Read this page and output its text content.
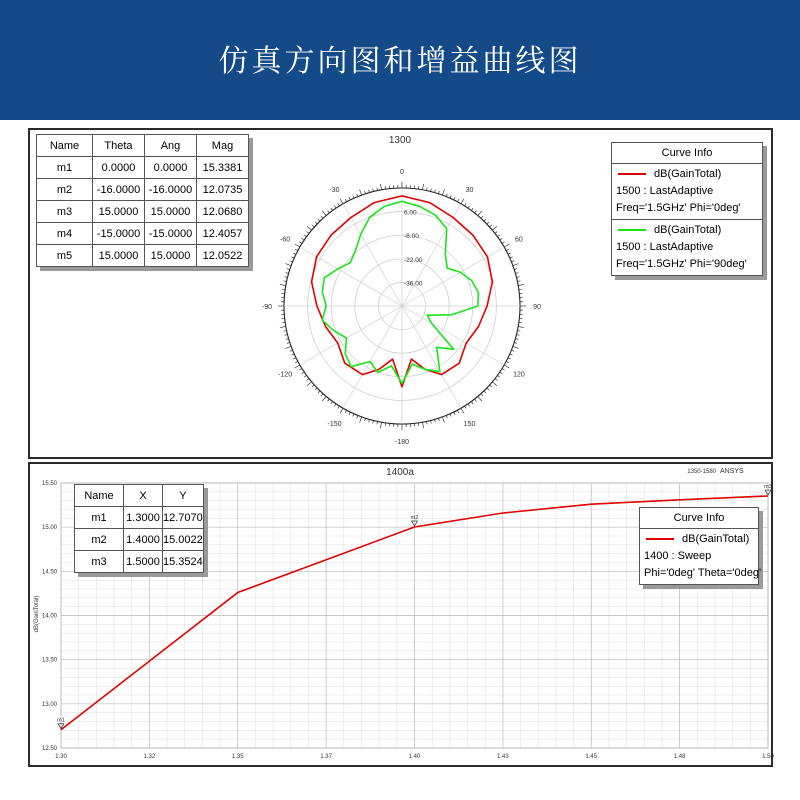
仿真方向图和增益曲线图
1300
0
-30	30
-60	60
-90	90
-120	120
-150	150
-180
6.00
-8.00
-22.00
-36.00
Name	Theta	Ang	Mag
m1	0.0000	0.0000	15.3381
m2	-16.0000	-16.0000	12.0735
m3	15.0000	15.0000	12.0680
m4	-15.0000	-15.0000	12.4057
m5	15.0000	15.0000	12.0522
Curve Info
dB(GainTotal)
1500 : LastAdaptive
Freq='1.5GHz' Phi='0deg'
dB(GainTotal)
1500 : LastAdaptive
Freq='1.5GHz' Phi='90deg'
1400a	1350-1580 ANSYS
dB(GainTotal)
15.50
15.00
14.50
14.00
13.50
13.00
12.50
1.30	1.32	1.35	1.37	1.40	1.43	1.45	1.48	1.50
m1
m2
m3
Name	X	Y
m1	1.3000	12.7070
m2	1.4000	15.0022
m3	1.5000	15.3524
Curve Info
dB(GainTotal)
1400 : Sweep
Phi='0deg' Theta='0deg'
